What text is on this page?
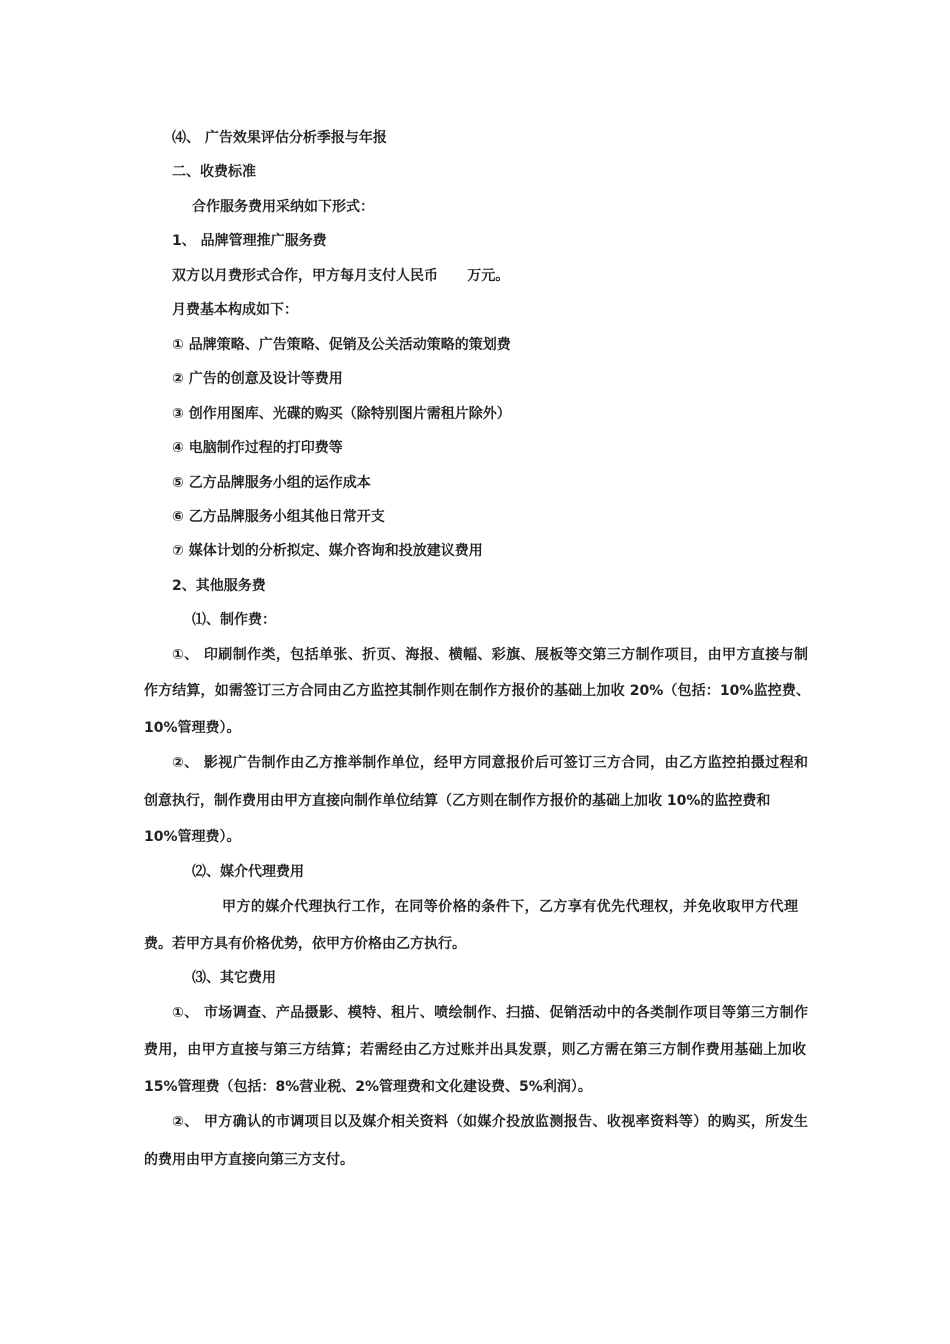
⑷、 广告效果评估分析季报与年报
二、收费标准
合作服务费用采纳如下形式：
1、 品牌管理推广服务费
双方以月费形式合作，甲方每月支付人民币      万元。
月费基本构成如下：
① 品牌策略、广告策略、促销及公关活动策略的策划费
② 广告的创意及设计等费用
③ 创作用图库、光碟的购买（除特别图片需租片除外）
④ 电脑制作过程的打印费等
⑤ 乙方品牌服务小组的运作成本
⑥ 乙方品牌服务小组其他日常开支
⑦ 媒体计划的分析拟定、媒介咨询和投放建议费用
2、其他服务费
⑴、制作费：
①、 印刷制作类，包括单张、折页、海报、横幅、彩旗、展板等交第三方制作项目，由甲方直接与制
作方结算，如需签订三方合同由乙方监控其制作则在制作方报价的基础上加收 20%（包括：10%监控费、
10%管理费）。
②、 影视广告制作由乙方推举制作单位，经甲方同意报价后可签订三方合同，由乙方监控拍摄过程和
创意执行，制作费用由甲方直接向制作单位结算（乙方则在制作方报价的基础上加收 10%的监控费和
10%管理费）。
⑵、媒介代理费用
甲方的媒介代理执行工作，在同等价格的条件下，乙方享有优先代理权，并免收取甲方代理
费。若甲方具有价格优势，依甲方价格由乙方执行。
⑶、其它费用
①、 市场调查、产品摄影、模特、租片、喷绘制作、扫描、促销活动中的各类制作项目等第三方制作
费用，由甲方直接与第三方结算；若需经由乙方过账并出具发票，则乙方需在第三方制作费用基础上加收
15%管理费（包括：8%营业税、2%管理费和文化建设费、5%利润）。
②、 甲方确认的市调项目以及媒介相关资料（如媒介投放监测报告、收视率资料等）的购买，所发生
的费用由甲方直接向第三方支付。
